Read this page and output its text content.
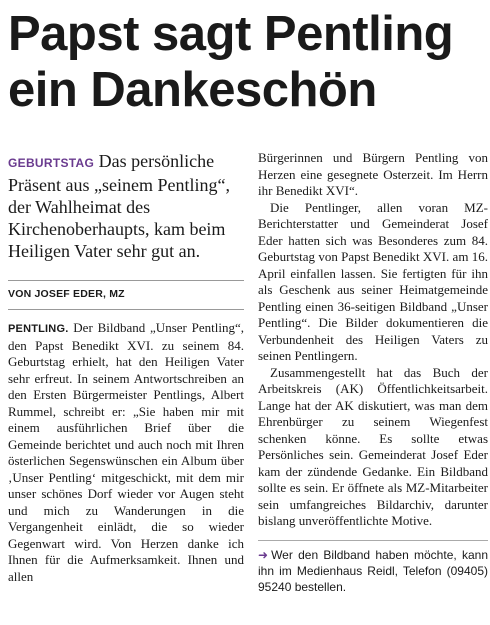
Papst sagt Pentling
ein Dankeschön

GEBURTSTAG Das persönliche Präsent aus „seinem Pentling“, der Wahlheimat des Kirchenoberhaupts, kam beim Heiligen Vater sehr gut an.

VON JOSEF EDER, MZ

PENTLING. Der Bildband „Unser Pentling“, den Papst Benedikt XVI. zu seinem 84. Geburtstag erhielt, hat den Heiligen Vater sehr erfreut. In seinem Antwortschreiben an den Ersten Bürgermeister Pentlings, Albert Rummel, schreibt er: „Sie haben mir mit einem ausführlichen Brief über die Gemeinde berichtet und auch noch mit Ihren österlichen Segenswünschen ein Album über ‚Unser Pentling‘ mitgeschickt, mit dem mir unser schönes Dorf wieder vor Augen steht und mich zu Wanderungen in die Vergangenheit einlädt, die so wieder Gegenwart wird. Von Herzen danke ich Ihnen für die Aufmerksamkeit. Ihnen und allen

Bürgerinnen und Bürgern Pentling von Herzen eine gesegnete Osterzeit. Im Herrn ihr Benedikt XVI“.

Die Pentlinger, allen voran MZ-Berichterstatter und Gemeinderat Josef Eder hatten sich was Besonderes zum 84. Geburtstag von Papst Benedikt XVI. am 16. April einfallen lassen. Sie fertigten für ihn als Geschenk aus seiner Heimatgemeinde Pentling einen 36-seitigen Bildband „Unser Pentling“. Die Bilder dokumentieren die Verbundenheit des Heiligen Vaters zu seinen Pentlingern.

Zusammengestellt hat das Buch der Arbeitskreis (AK) Öffentlichkeitsarbeit. Lange hat der AK diskutiert, was man dem Ehrenbürger zu seinem Wiegenfest schenken könne. Es sollte etwas Persönliches sein. Gemeinderat Josef Eder kam der zündende Gedanke. Ein Bildband sollte es sein. Er öffnete als MZ-Mitarbeiter sein umfangreiches Bildarchiv, darunter bislang unveröffentlichte Motive.

➜ Wer den Bildband haben möchte, kann ihn im Medienhaus Reidl, Telefon (09405) 95240 bestellen.
